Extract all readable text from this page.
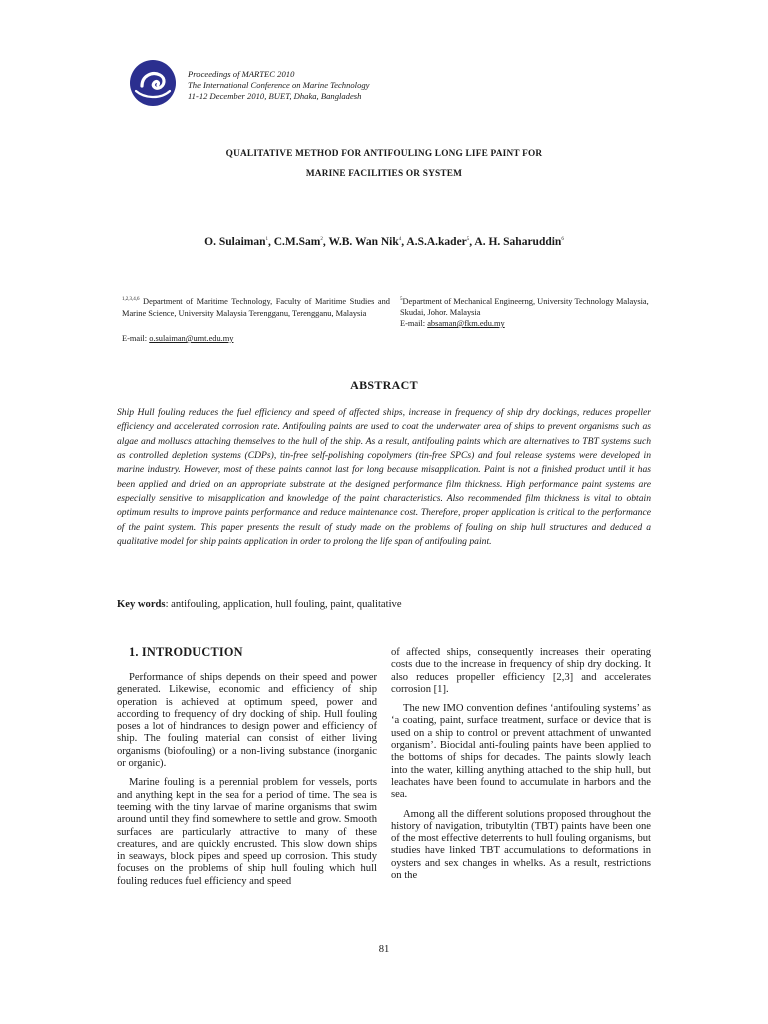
Proceedings of MARTEC 2010
The International Conference on Marine Technology
11-12 December 2010, BUET, Dhaka, Bangladesh
QUALITATIVE METHOD FOR ANTIFOULING LONG LIFE PAINT FOR
MARINE FACILITIES OR SYSTEM
O. Sulaiman$^1$, C.M.Sam$^2$, W.B. Wan Nik$^4$, A.S.A.kader$^5$, A. H. Saharuddin$^6$
$^{1,2,3,4,6}$ Department of Maritime Technology, Faculty of Maritime Studies and Marine Science, University Malaysia Terengganu, Terengganu, Malaysia
E-mail: o.sulaiman@umt.edu.my
$^5$Department of Mechanical Engineerng, University Technology Malaysia, Skudai, Johor. Malaysia
E-mail: absaman@fkm.edu.my
ABSTRACT
Ship Hull fouling reduces the fuel efficiency and speed of affected ships, increase in frequency of ship dry dockings, reduces propeller efficiency and accelerated corrosion rate. Antifouling paints are used to coat the underwater area of ships to prevent organisms such as algae and molluscs attaching themselves to the hull of the ship. As a result, antifouling paints which are alternatives to TBT systems such as controlled depletion systems (CDPs), tin-free self-polishing copolymers (tin-free SPCs) and foul release systems were developed in marine industry. However, most of these paints cannot last for long because misapplication. Paint is not a finished product until it has been applied and dried on an appropriate substrate at the designed performance film thickness. High performance paint systems are especially sensitive to misapplication and knowledge of the paint characteristics. Also recommended film thickness is vital to obtain optimum results to improve paints performance and reduce maintenance cost. Therefore, proper application is critical to the performance of the paint system. This paper presents the result of study made on the problems of fouling on ship hull structures and deduced a qualitative model for ship paints application in order to prolong the life span of antifouling paint.
Key words: antifouling, application, hull fouling, paint, qualitative
1. INTRODUCTION

Performance of ships depends on their speed and power generated. Likewise, economic and efficiency of ship operation is achieved at optimum speed, power and according to frequency of dry docking of ship. Hull fouling poses a lot of hindrances to design power and efficiency of ship. The fouling material can consist of either living organisms (biofouling) or a non-living substance (inorganic or organic).

Marine fouling is a perennial problem for vessels, ports and anything kept in the sea for a period of time. The sea is teeming with the tiny larvae of marine organisms that swim around until they find somewhere to settle and grow. Smooth surfaces are particularly attractive to many of these creatures, and are quickly encrusted. This slow down ships in seaways, block pipes and speed up corrosion. This study focuses on the problems of ship hull fouling which hull fouling reduces fuel efficiency and speed

of affected ships, consequently increases their operating costs due to the increase in frequency of ship dry docking. It also reduces propeller efficiency [2,3] and accelerates corrosion [1].

The new IMO convention defines ‘antifouling systems’ as ‘a coating, paint, surface treatment, surface or device that is used on a ship to control or prevent attachment of unwanted organism’. Biocidal anti-fouling paints have been applied to the bottoms of ships for decades. The paints slowly leach into the water, killing anything attached to the ship hull, but leachates have been found to accumulate in harbors and the sea.

Among all the different solutions proposed throughout the history of navigation, tributyltin (TBT) paints have been one of the most effective deterrents to hull fouling organisms, but studies have linked TBT accumulations to deformations in oysters and sex changes in whelks. As a result, restrictions on the

81
